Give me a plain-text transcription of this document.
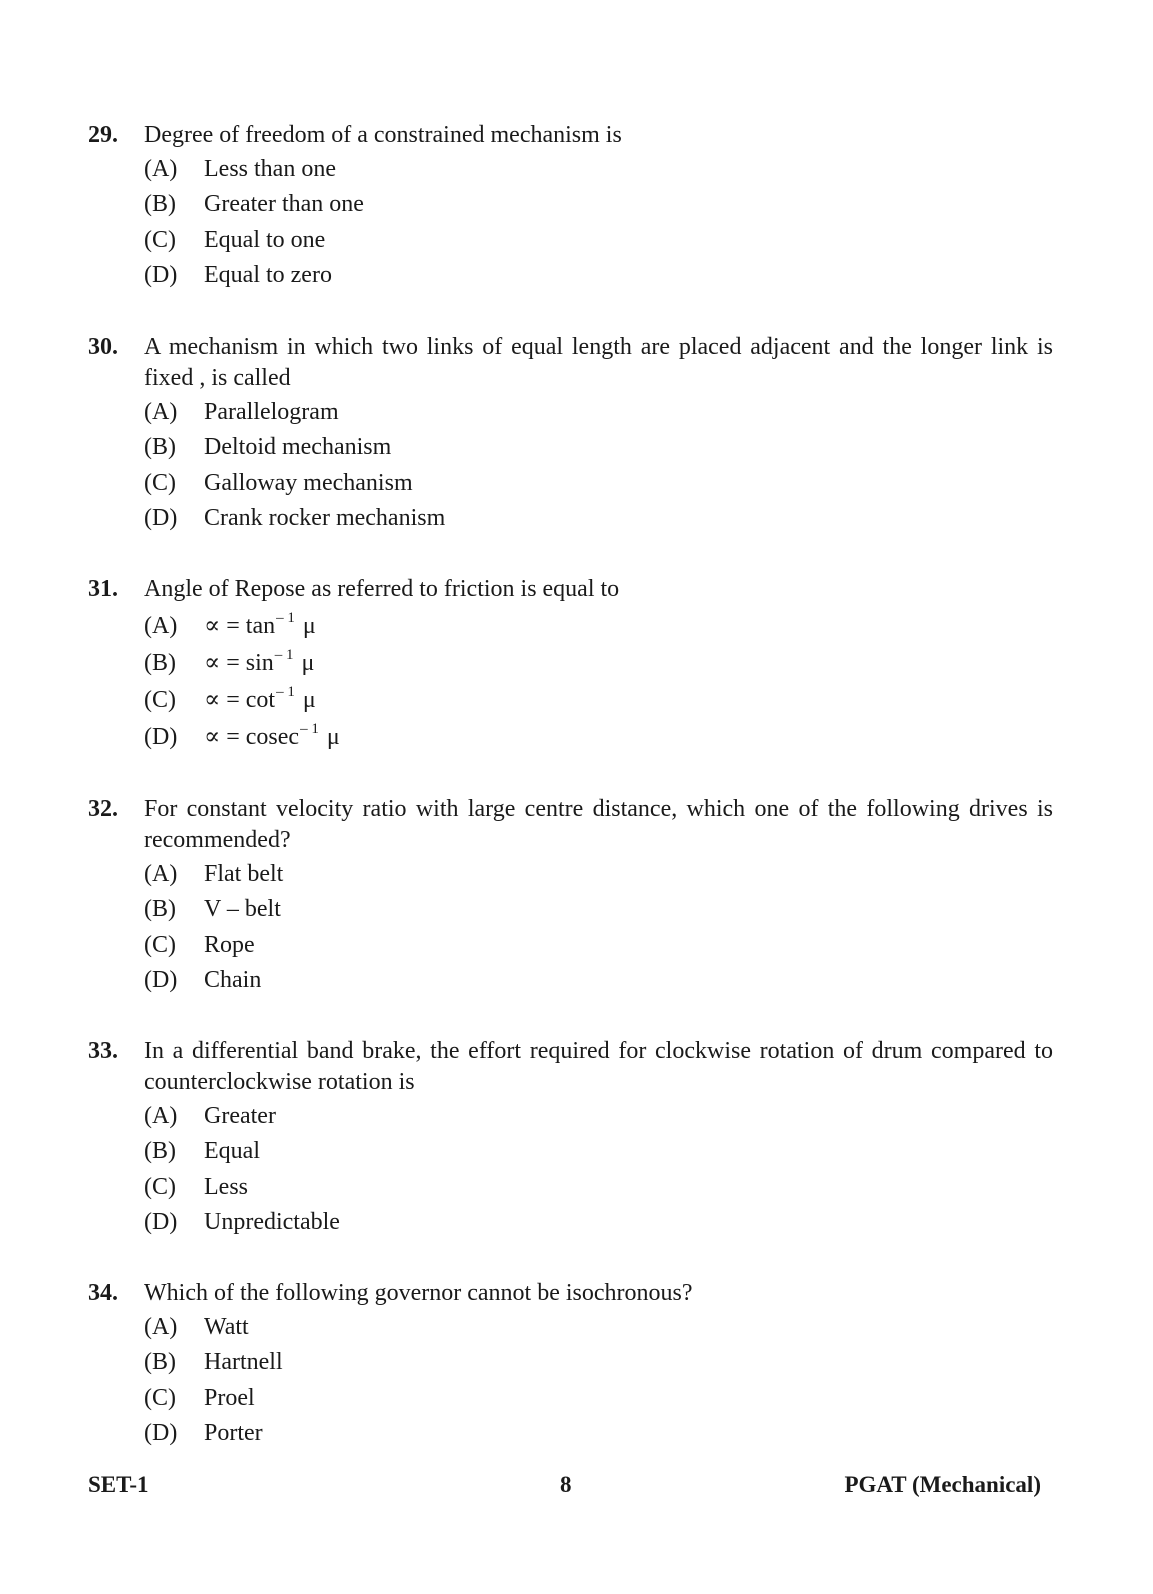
29. Degree of freedom of a constrained mechanism is
(A) Less than one
(B) Greater than one
(C) Equal to one
(D) Equal to zero
30. A mechanism in which two links of equal length are placed adjacent and the longer link is fixed , is called
(A) Parallelogram
(B) Deltoid mechanism
(C) Galloway mechanism
(D) Crank rocker mechanism
31. Angle of Repose as referred to friction is equal to
(A) ∝ = $\tan^{- 1} \mu$
(B) ∝ = $\sin^{- 1} \mu$
(C) ∝ = $\cot^{- 1} \mu$
(D) ∝ = cosec$^{- 1}$ μ
32. For constant velocity ratio with large centre distance, which one of the following drives is recommended?
(A) Flat belt
(B) V – belt
(C) Rope
(D) Chain
33. In a differential band brake, the effort required for clockwise rotation of drum compared to counterclockwise rotation is
(A) Greater
(B) Equal
(C) Less
(D) Unpredictable
34. Which of the following governor cannot be isochronous?
(A) Watt
(B) Hartnell
(C) Proel
(D) Porter
SET-1	8	PGAT (Mechanical)
